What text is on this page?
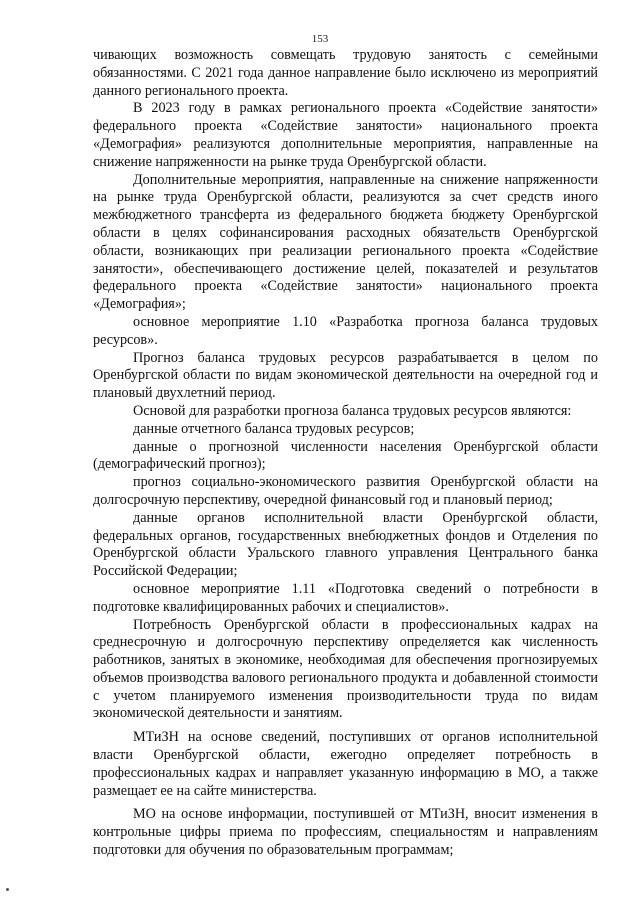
153

чивающих возможность совмещать трудовую занятость с семейными обязанностями. С 2021 года данное направление было исключено из мероприятий данного регионального проекта.

В 2023 году в рамках регионального проекта «Содействие занятости» федерального проекта «Содействие занятости» национального проекта «Демография» реализуются дополнительные мероприятия, направленные на снижение напряженности на рынке труда Оренбургской области.

Дополнительные мероприятия, направленные на снижение напряженности на рынке труда Оренбургской области, реализуются за счет средств иного межбюджетного трансферта из федерального бюджета бюджету Оренбургской области в целях софинансирования расходных обязательств Оренбургской области, возникающих при реализации регионального проекта «Содействие занятости», обеспечивающего достижение целей, показателей и результатов федерального проекта «Содействие занятости» национального проекта «Демография»;

основное мероприятие 1.10 «Разработка прогноза баланса трудовых ресурсов».

Прогноз баланса трудовых ресурсов разрабатывается в целом по Оренбургской области по видам экономической деятельности на очередной год и плановый двухлетний период.

Основой для разработки прогноза баланса трудовых ресурсов являются:

данные отчетного баланса трудовых ресурсов;

данные о прогнозной численности населения Оренбургской области (демографический прогноз);

прогноз социально-экономического развития Оренбургской области на долгосрочную перспективу, очередной финансовый год и плановый период;

данные органов исполнительной власти Оренбургской области, федеральных органов, государственных внебюджетных фондов и Отделения по Оренбургской области Уральского главного управления Центрального банка Российской Федерации;

основное мероприятие 1.11 «Подготовка сведений о потребности в подготовке квалифицированных рабочих и специалистов».

Потребность Оренбургской области в профессиональных кадрах на среднесрочную и долгосрочную перспективу определяется как численность работников, занятых в экономике, необходимая для обеспечения прогнозируемых объемов производства валового регионального продукта и добавленной стоимости с учетом планируемого изменения производительности труда по видам экономической деятельности и занятиям.

МТиЗН на основе сведений, поступивших от органов исполнительной власти Оренбургской области, ежегодно определяет потребность в профессиональных кадрах и направляет указанную информацию в МО, а также размещает ее на сайте министерства.

МО на основе информации, поступившей от МТиЗН, вносит изменения в контрольные цифры приема по профессиям, специальностям и направлениям подготовки для обучения по образовательным программам;
